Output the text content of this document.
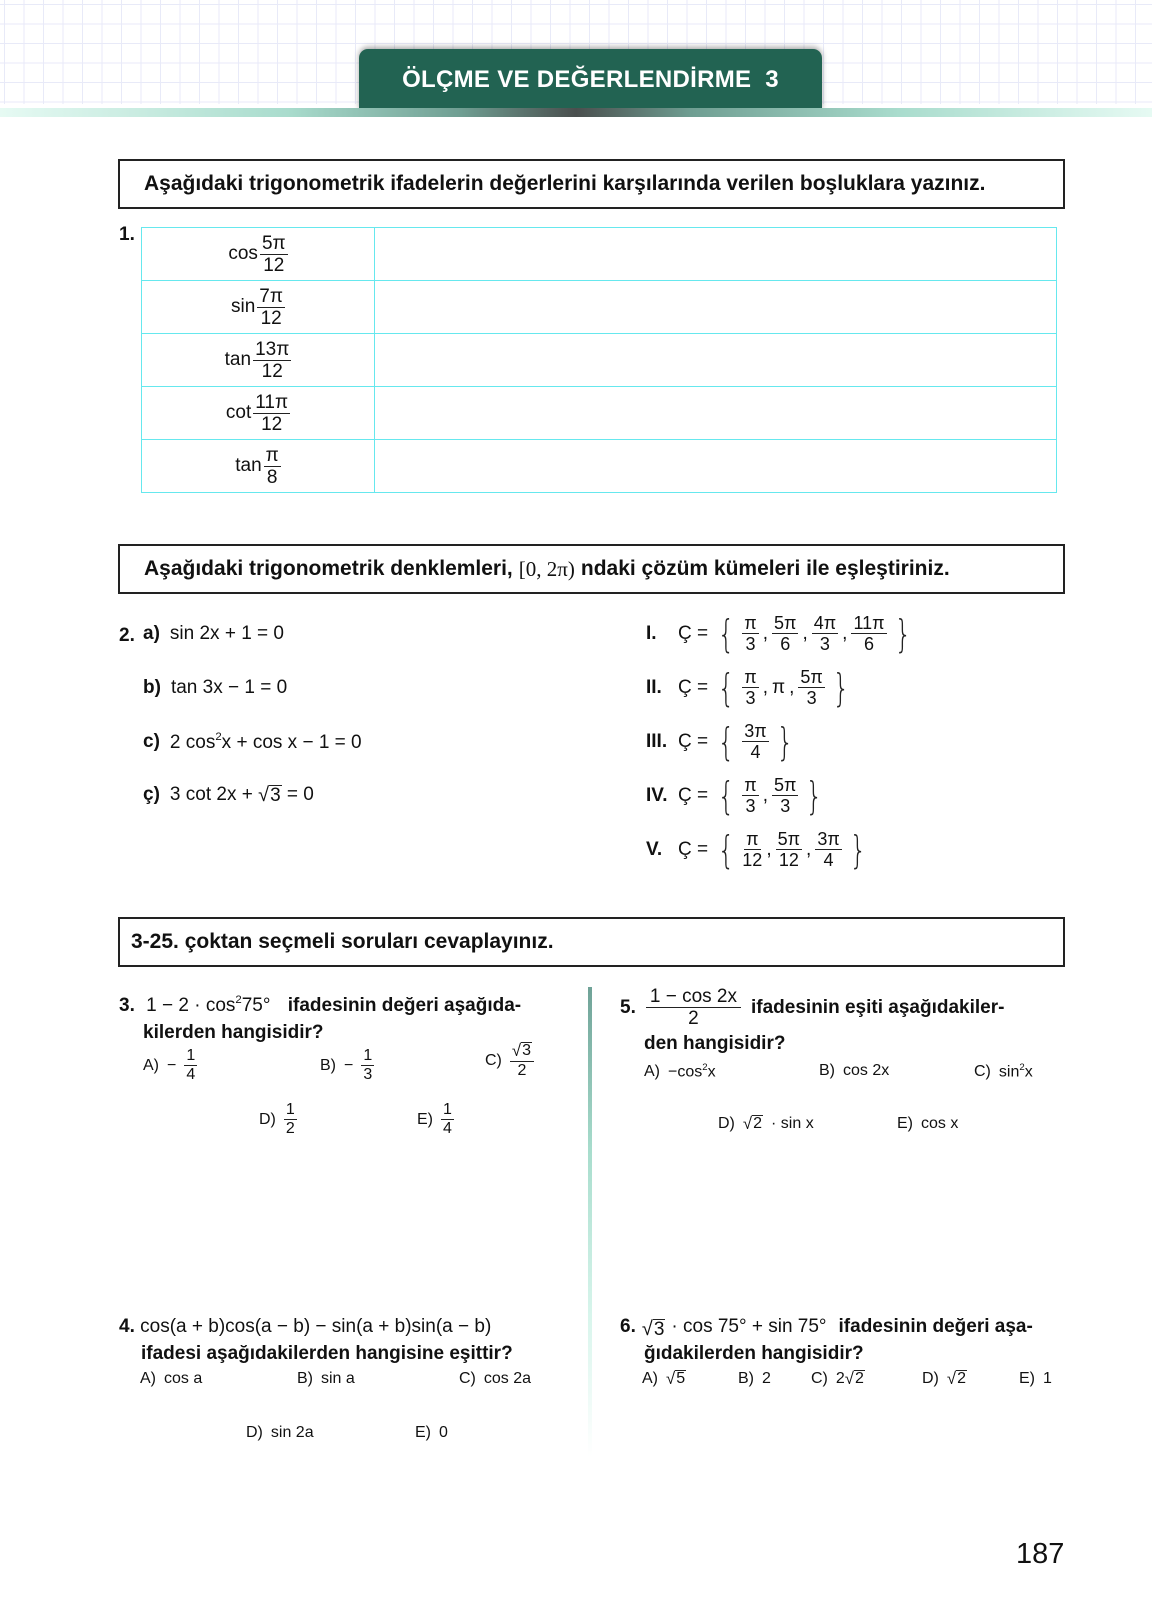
ÖLÇME VE DEĞERLENDİRME  3
Aşağıdaki trigonometrik ifadelerin değerlerini karşılarında verilen boşluklara yazınız.
1.
$\cos \frac{5\pi}{12}$

$\sin \frac{7\pi}{12}$

$\tan \frac{13\pi}{12}$

$\cot \frac{11\pi}{12}$

$\tan \frac{\pi}{8}$

Aşağıdaki trigonometrik denklemleri, [0, 2π) ndaki çözüm kümeleri ile eşleştiriniz.
2. a) sin 2x + 1 = 0
b) tan 3x − 1 = 0
c) 2 $\cos^2x + \cos x - 1 = 0$
ç) 3 cot 2x + √ 3 = 0
I.	Ç = { $\frac{\pi}{3}$ , $\frac{5\pi}{6}$ , $\frac{4\pi}{3}$ , $\frac{11\pi}{6}$ }
II. Ç = { $\frac{\pi}{3}$ , π , $\frac{5\pi}{3}$ }
III. Ç = { $\frac{3\pi}{4}$ }
IV. Ç = { $\frac{\pi}{3}$ , $\frac{5\pi}{3}$ }
V. Ç = { $\frac{\pi}{12}$ , $\frac{5\pi}{12}$ , $\frac{3\pi}{4}$ }
3-25. çoktan seçmeli soruları cevaplayınız.
3. $1 - 2 \cdot \cos^275^\circ$ ifadesinin değeri aşağıda-
kilerden hangisidir?
$A) - \frac{1}{4}$	$B) - \frac{1}{3}$	$C) \frac{√ 3}{2}$
$D) \frac{1}{2}$	$E) \frac{1}{4}$
5. $\frac{1 - \cos 2x}{2}$ ifadesinin eşiti aşağıdakiler-
den hangisidir?
$A) -\cos^2x$	B) cos 2x	C) $\sin^2x$
D) √ 2 · sin x	E) cos x
4. cos(a + b)cos(a − b) − sin(a + b)sin(a − b)
ifadesi aşağıdakilerden hangisine eşittir?
A) cos a	B) sin a	C) cos 2a
D) sin 2a	E) 0
6. √ 3 · cos 75° + sin 75° ifadesinin değeri aşa-
ğıdakilerden hangisidir?
A) √ 5	B) 2	C) 2 √ 2	D) √ 2	E) 1
187
